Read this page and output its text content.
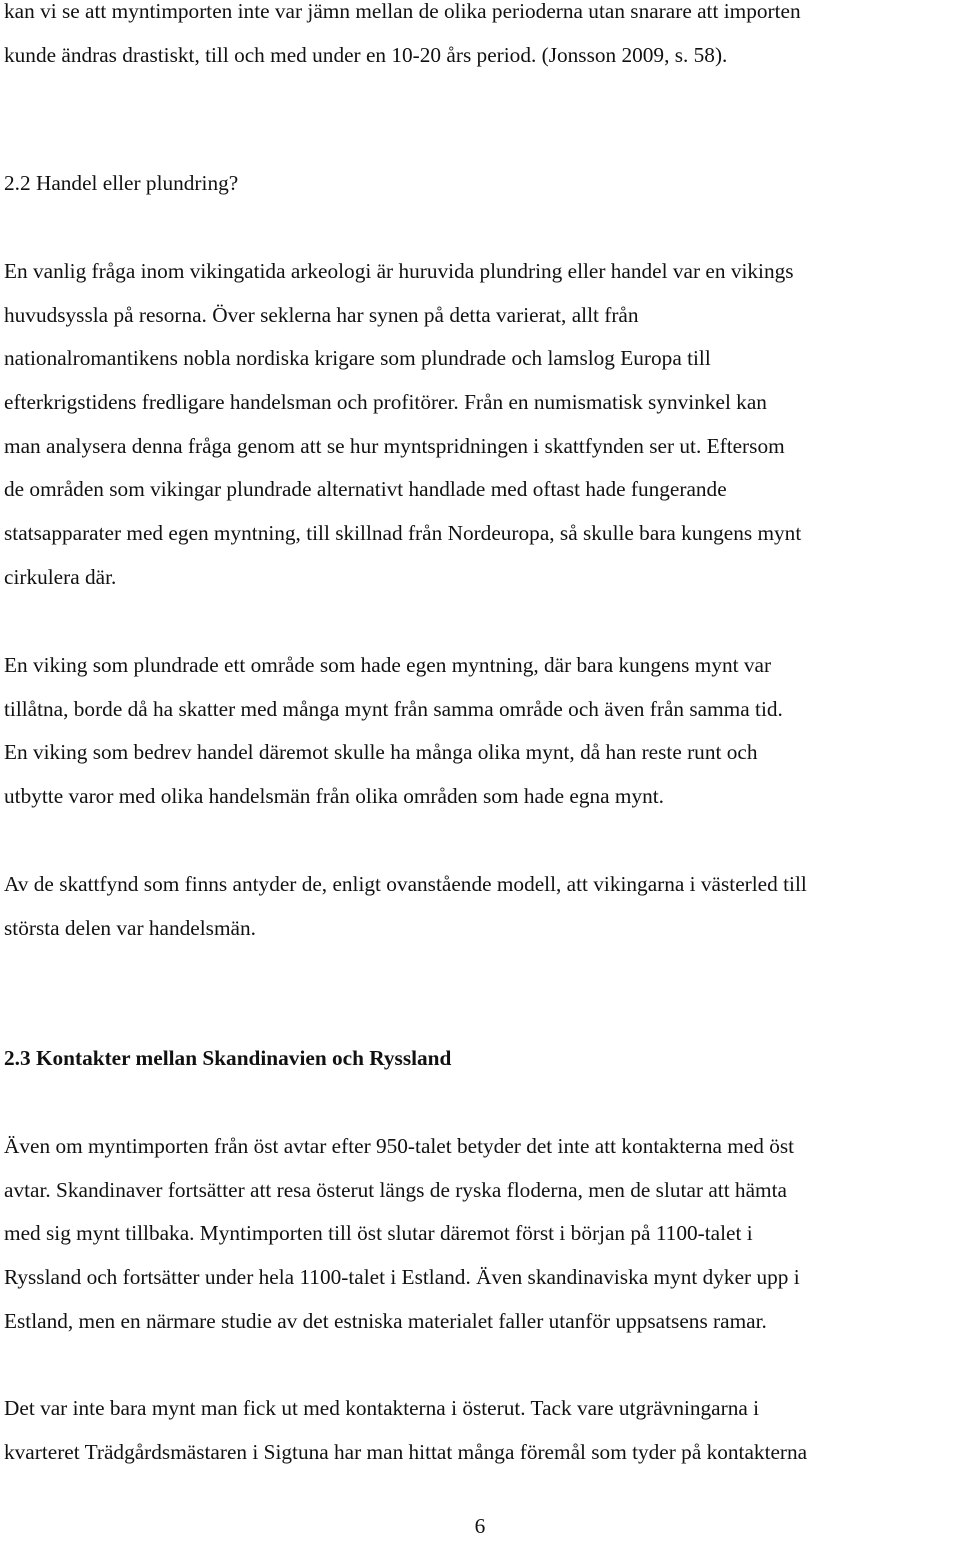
kan vi se att myntimporten inte var jämn mellan de olika perioderna utan snarare att importen
kunde ändras drastiskt, till och med under en 10-20 års period. (Jonsson 2009, s. 58).
2.2 Handel eller plundring?
En vanlig fråga inom vikingatida arkeologi är huruvida plundring eller handel var en vikings
huvudsyssla på resorna. Över seklerna har synen på detta varierat, allt från
nationalromantikens nobla nordiska krigare som plundrade och lamslog Europa till
efterkrigstidens fredligare handelsman och profitörer. Från en numismatisk synvinkel kan
man analysera denna fråga genom att se hur myntspridningen i skattfynden ser ut. Eftersom
de områden som vikingar plundrade alternativt handlade med oftast hade fungerande
statsapparater med egen myntning, till skillnad från Nordeuropa, så skulle bara kungens mynt
cirkulera där.
En viking som plundrade ett område som hade egen myntning, där bara kungens mynt var
tillåtna, borde då ha skatter med många mynt från samma område och även från samma tid.
En viking som bedrev handel däremot skulle ha många olika mynt, då han reste runt och
utbytte varor med olika handelsmän från olika områden som hade egna mynt.
Av de skattfynd som finns antyder de, enligt ovanstående modell, att vikingarna i västerled till
största delen var handelsmän.
2.3 Kontakter mellan Skandinavien och Ryssland
Även om myntimporten från öst avtar efter 950-talet betyder det inte att kontakterna med öst
avtar. Skandinaver fortsätter att resa österut längs de ryska floderna, men de slutar att hämta
med sig mynt tillbaka. Myntimporten till öst slutar däremot först i början på 1100-talet i
Ryssland och fortsätter under hela 1100-talet i Estland. Även skandinaviska mynt dyker upp i
Estland, men en närmare studie av det estniska materialet faller utanför uppsatsens ramar.
Det var inte bara mynt man fick ut med kontakterna i österut. Tack vare utgrävningarna i
kvarteret Trädgårdsmästaren i Sigtuna har man hittat många föremål som tyder på kontakterna
6
